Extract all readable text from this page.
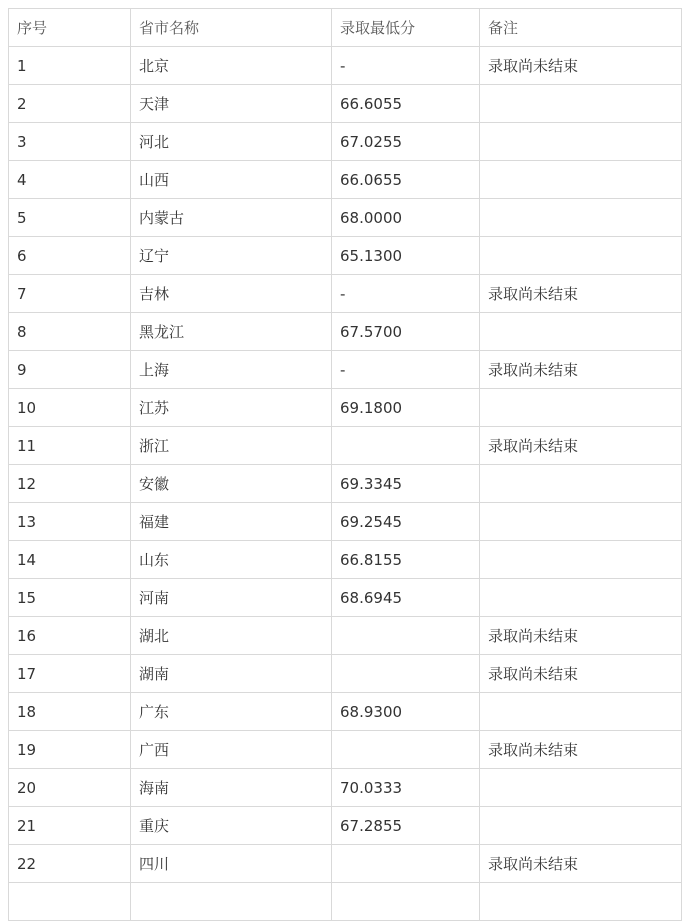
序号	省市名称	录取最低分	备注
1	北京	-	录取尚未结束
2	天津	66.6055	
3	河北	67.0255	
4	山西	66.0655	
5	内蒙古	68.0000	
6	辽宁	65.1300	
7	吉林	-	录取尚未结束
8	黑龙江	67.5700	
9	上海	-	录取尚未结束
10	江苏	69.1800	
11	浙江		录取尚未结束
12	安徽	69.3345	
13	福建	69.2545	
14	山东	66.8155	
15	河南	68.6945	
16	湖北		录取尚未结束
17	湖南		录取尚未结束
18	广东	68.9300	
19	广西		录取尚未结束
20	海南	70.0333	
21	重庆	67.2855	
22	四川		录取尚未结束
